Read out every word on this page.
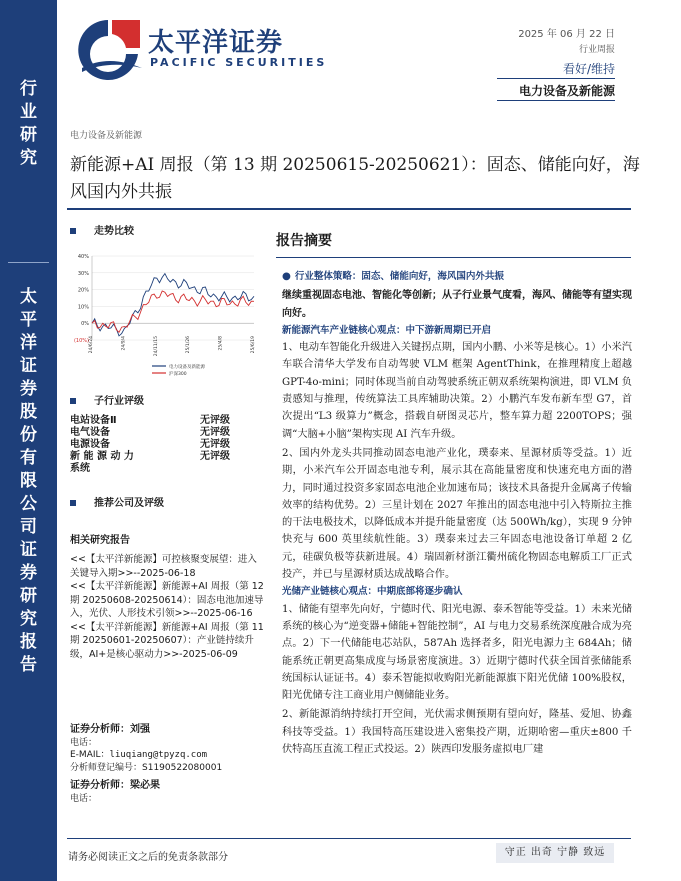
行
业
研
究
太
平
洋
证
券
股
份
有
限
公
司
证
券
研
究
报
告
太平洋证券
PACIFIC SECURITIES
2025 年 06 月 22 日
行业周报
看好/维持
电力设备及新能源
电力设备及新能源
新能源+AI 周报（第 13 期 20250615-20250621）：固态、储能向好，海风国内外共振
走势比较
40%
30%
20%
10%
0%
(10%) 24/6/24	24/9/4	24/11/15	25/1/26	25/4/8	25/6/19
电力设备及新能源
沪深300
子行业评级
电站设备Ⅱ	无评级
电气设备	无评级
电源设备	无评级
新 能 源 动 力	无评级
系统
推荐公司及评级
相关研究报告
<<【太平洋新能源】可控核聚变展望：进入关键导入期>>--2025-06-18
<<【太平洋新能源】新能源+AI 周报（第 12 期 20250608-20250614）：固态电池加速导入，光伏、人形技术引领>>--2025-06-16
<<【太平洋新能源】新能源+AI 周报（第 11 期 20250601-20250607）：产业链持续升级，AI+是核心驱动力>>-2025-06-09
证券分析师：刘强
电话：
E-MAIL：liuqiang@tpyzq.com
分析师登记编号：S1190522080001
证券分析师：梁必果
电话：
报告摘要

● 行业整体策略：固态、储能向好，海风国内外共振

继续重视固态电池、智能化等创新；从子行业景气度看，海风、储能等有望实现向好。

新能源汽车产业链核心观点：中下游新周期已开启

1、电动车智能化升级进入关键拐点期，国内小鹏、小米等是核心。1）小米汽车联合清华大学发布自动驾驶 VLM 框架 AgentThink，在推理精度上超越 GPT-4o-mini；同时体现当前自动驾驶系统正朝双系统架构演进，即 VLM 负责感知与推理，传统算法工具库辅助决策。2）小鹏汽车发布新车型 G7，首次提出“L3 级算力”概念，搭载自研图灵芯片，整车算力超 2200TOPS；强调“大脑+小脑”架构实现 AI 汽车升级。

2、国内外龙头共同推动固态电池产业化，璞泰来、星源材质等受益。1）近期，小米汽车公开固态电池专利，展示其在高能量密度和快速充电方面的潜力，同时通过投资多家固态电池企业加速布局；该技术具备提升金属离子传输效率的结构优势。2）三星计划在 2027 年推出的固态电池中引入特斯拉主推的干法电极技术，以降低成本并提升能量密度（达 500Wh/kg），实现 9 分钟快充与 600 英里续航性能。3）璞泰来过去三年固态电池设备订单超 2 亿元，硅碳负极等获新进展。4）瑞固新材浙江衢州硫化物固态电解质工厂正式投产，并已与星源材质达成战略合作。

光储产业链核心观点：中期底部将逐步确认

1、储能有望率先向好，宁德时代、阳光电源、泰禾智能等受益。1）未来光储系统的核心为“逆变器+储能+智能控制”，AI 与电力交易系统深度融合成为亮点。2）下一代储能电芯站队，587Ah 选择者多，阳光电源力主 684Ah；储能系统正朝更高集成度与场景密度演进。3）近期宁德时代获全国首张储能系统国标认证证书。4）泰禾智能拟收购阳光新能源旗下阳光优储 100%股权，阳光优储专注工商业用户侧储能业务。

2、新能源消纳持续打开空间，光伏需求侧预期有望向好，隆基、爱旭、协鑫科技等受益。1）我国特高压建设进入密集投产期，近期哈密—重庆±800 千伏特高压直流工程正式投运。2）陕西印发服务虚拟电厂建

请务必阅读正文之后的免责条款部分	守正 出奇 宁静 致远
